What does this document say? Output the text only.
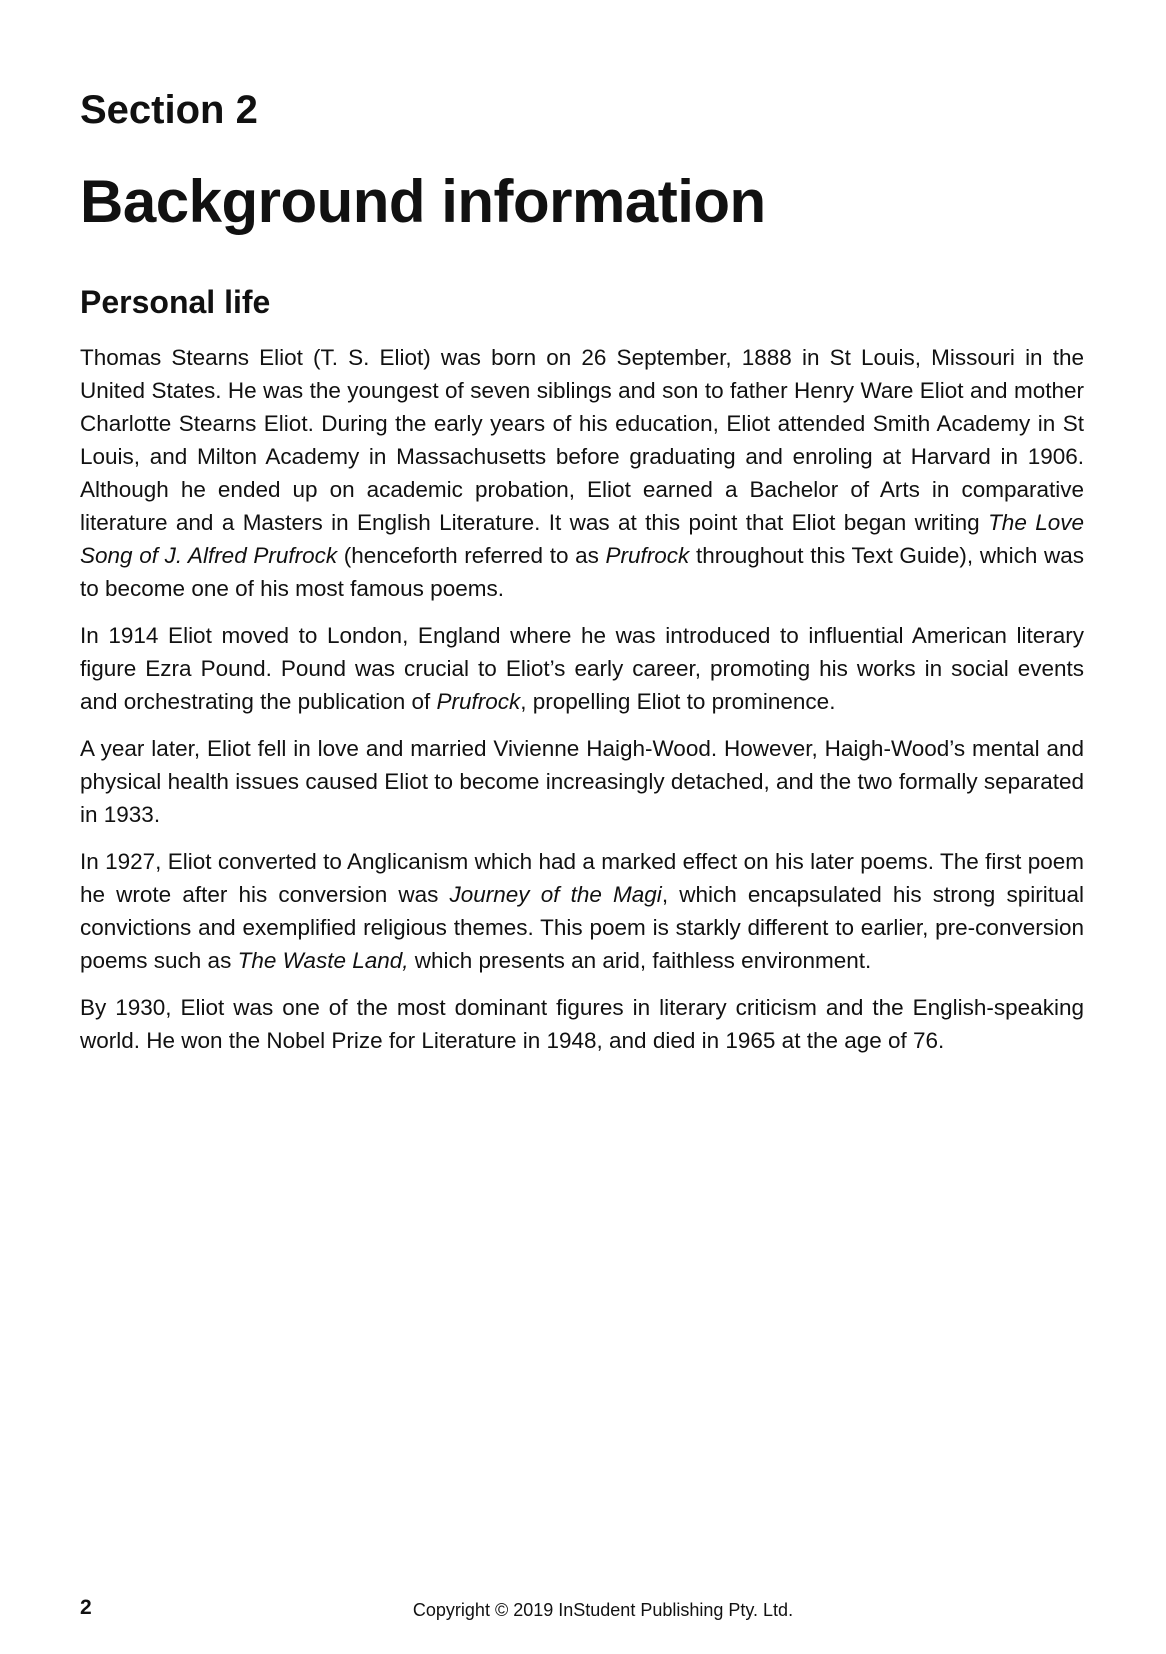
Section 2
Background information
Personal life

Thomas Stearns Eliot (T. S. Eliot) was born on 26 September, 1888 in St Louis, Missouri in the United States. He was the youngest of seven siblings and son to father Henry Ware Eliot and mother Charlotte Stearns Eliot. During the early years of his education, Eliot attended Smith Academy in St Louis, and Milton Academy in Massachusetts before graduating and enroling at Harvard in 1906. Although he ended up on academic probation, Eliot earned a Bachelor of Arts in comparative literature and a Masters in English Literature. It was at this point that Eliot began writing The Love Song of J. Alfred Prufrock (henceforth referred to as Prufrock throughout this Text Guide), which was to become one of his most famous poems.

In 1914 Eliot moved to London, England where he was introduced to influential American literary figure Ezra Pound. Pound was crucial to Eliot’s early career, promoting his works in social events and orchestrating the publication of Prufrock, propelling Eliot to prominence.

A year later, Eliot fell in love and married Vivienne Haigh-Wood. However, Haigh-Wood’s mental and physical health issues caused Eliot to become increasingly detached, and the two formally separated in 1933.

In 1927, Eliot converted to Anglicanism which had a marked effect on his later poems. The first poem he wrote after his conversion was Journey of the Magi, which encapsulated his strong spiritual convictions and exemplified religious themes. This poem is starkly different to earlier, pre-conversion poems such as The Waste Land, which presents an arid, faithless environment.

By 1930, Eliot was one of the most dominant figures in literary criticism and the English-speaking world. He won the Nobel Prize for Literature in 1948, and died in 1965 at the age of 76.

2	Copyright © 2019 InStudent Publishing Pty. Ltd.
